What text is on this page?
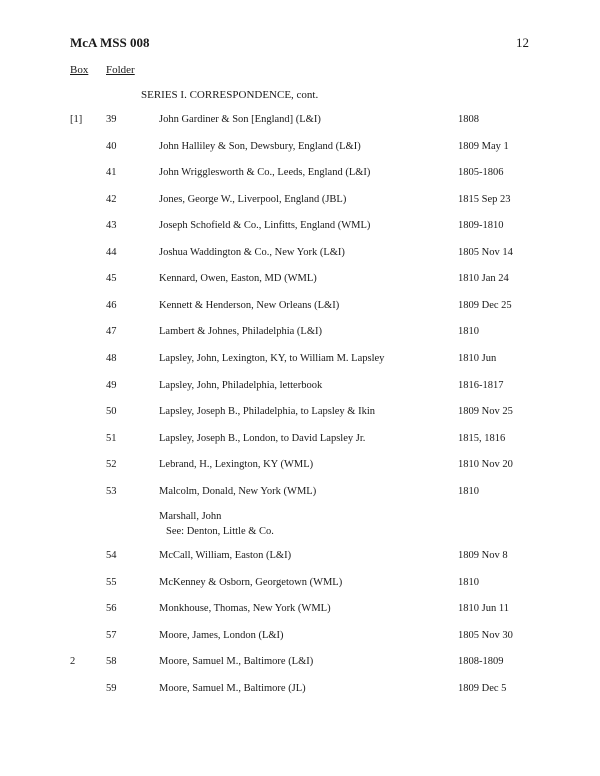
McA MSS 008	12
Box Folder
SERIES I. CORRESPONDENCE, cont.
[1] 39	John Gardiner & Son [England] (L&I)	1808
40	John Halliley & Son, Dewsbury, England (L&I)	1809 May 1
41	John Wrigglesworth & Co., Leeds, England (L&I)	1805-1806
42	Jones, George W., Liverpool, England (JBL)	1815 Sep 23
43	Joseph Schofield & Co., Linfitts, England (WML)	1809-1810
44	Joshua Waddington & Co., New York (L&I)	1805 Nov 14
45	Kennard, Owen, Easton, MD (WML)	1810 Jan 24
46	Kennett & Henderson, New Orleans (L&I)	1809 Dec 25
47	Lambert & Johnes, Philadelphia (L&I)	1810
48	Lapsley, John, Lexington, KY, to William M. Lapsley	1810 Jun
49	Lapsley, John, Philadelphia, letterbook	1816-1817
50	Lapsley, Joseph B., Philadelphia, to Lapsley & Ikin	1809 Nov 25
51	Lapsley, Joseph B., London, to David Lapsley Jr.	1815, 1816
52	Lebrand, H., Lexington, KY (WML)	1810 Nov 20
53	Malcolm, Donald, New York (WML)	1810
Marshall, John
See: Denton, Little & Co.
54	McCall, William, Easton (L&I)	1809 Nov 8
55	McKenney & Osborn, Georgetown (WML)	1810
56	Monkhouse, Thomas, New York (WML)	1810 Jun 11
57	Moore, James, London (L&I)	1805 Nov 30
2	58	Moore, Samuel M., Baltimore (L&I)	1808-1809
59	Moore, Samuel M., Baltimore (JL)	1809 Dec 5
